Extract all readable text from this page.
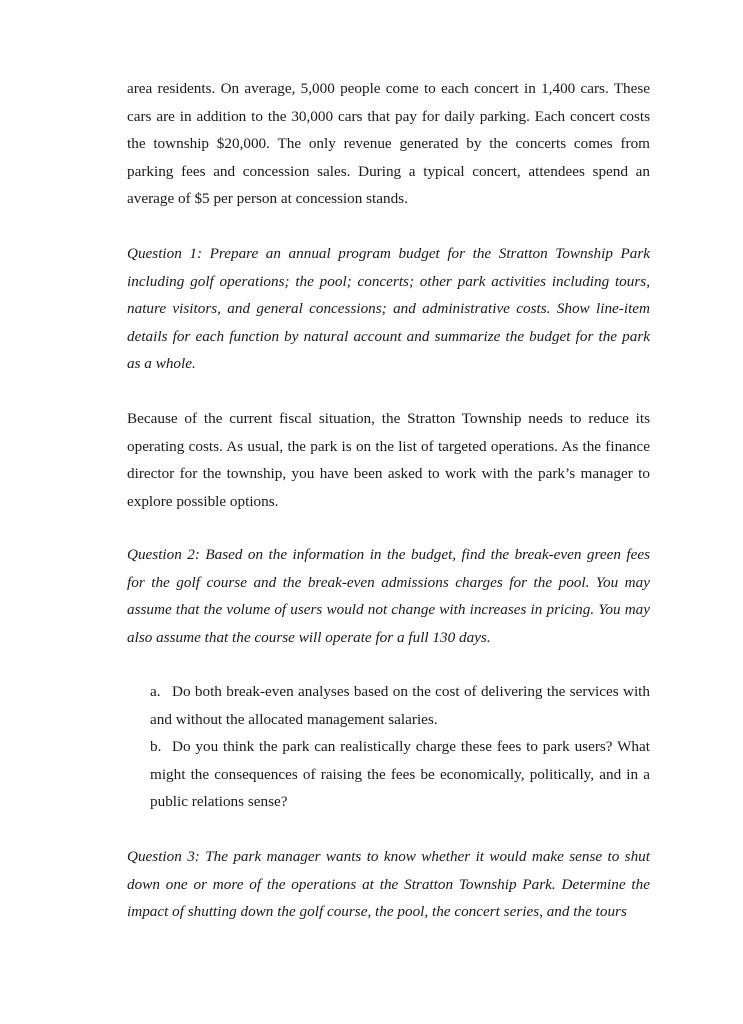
area residents. On average, 5,000 people come to each concert in 1,400 cars. These cars are in addition to the 30,000 cars that pay for daily parking. Each concert costs the township $20,000. The only revenue generated by the concerts comes from parking fees and concession sales. During a typical concert, attendees spend an average of $5 per person at concession stands.

Question 1: Prepare an annual program budget for the Stratton Township Park including golf operations; the pool; concerts; other park activities including tours, nature visitors, and general concessions; and administrative costs. Show line-item details for each function by natural account and summarize the budget for the park as a whole.

Because of the current fiscal situation, the Stratton Township needs to reduce its operating costs. As usual, the park is on the list of targeted operations. As the finance director for the township, you have been asked to work with the park’s manager to explore possible options.

Question 2: Based on the information in the budget, find the break-even green fees for the golf course and the break-even admissions charges for the pool. You may assume that the volume of users would not change with increases in pricing. You may also assume that the course will operate for a full 130 days.

a. Do both break-even analyses based on the cost of delivering the services with and without the allocated management salaries.
b. Do you think the park can realistically charge these fees to park users? What might the consequences of raising the fees be economically, politically, and in a public relations sense?

Question 3: The park manager wants to know whether it would make sense to shut down one or more of the operations at the Stratton Township Park. Determine the impact of shutting down the golf course, the pool, the concert series, and the tours
